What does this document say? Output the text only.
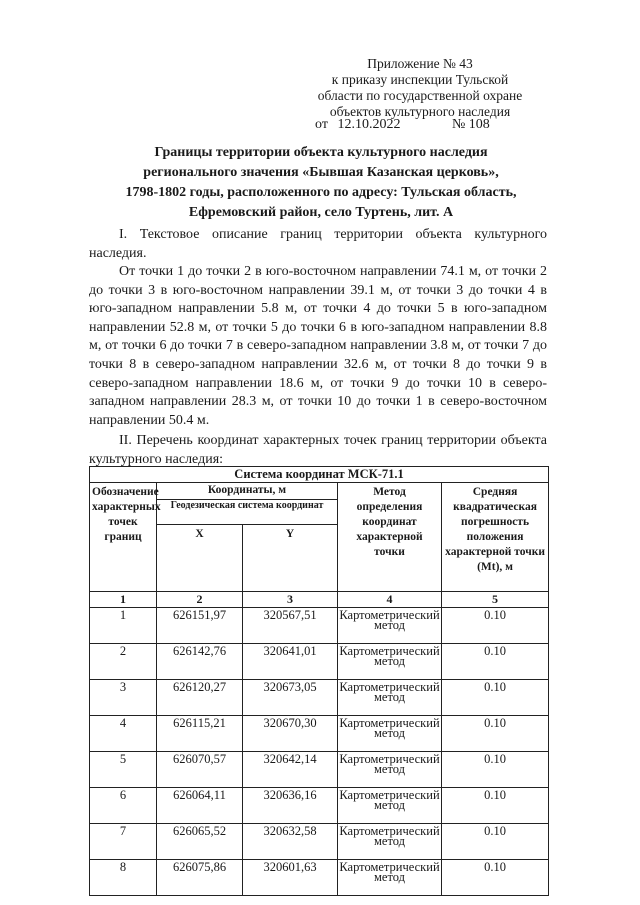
Приложение № 43
к приказу инспекции Тульской
области по государственной охране
объектов культурного наследия
от 12.10.2022	№ 108
Границы территории объекта культурного наследия
регионального значения «Бывшая Казанская церковь»,
1798-1802 годы, расположенного по адресу: Тульская область,
Ефремовский район, село Туртень, лит. А
I. Текстовое описание границ территории объекта культурного наследия.
От точки 1 до точки 2 в юго-восточном направлении 74.1 м, от точки 2 до точки 3 в юго-восточном направлении 39.1 м, от точки 3 до точки 4 в юго-западном направлении 5.8 м, от точки 4 до точки 5 в юго-западном направлении 52.8 м, от точки 5 до точки 6 в юго-западном направлении 8.8 м, от точки 6 до точки 7 в северо-западном направлении 3.8 м, от точки 7 до точки 8 в северо-западном направлении 32.6 м, от точки 8 до точки 9 в северо-западном направлении 18.6 м, от точки 9 до точки 10 в северо-западном направлении 28.3 м, от точки 10 до точки 1 в северо-восточном направлении 50.4 м.
II. Перечень координат характерных точек границ территории объекта культурного наследия:
Система координат МСК-71.1				
Обозначение характерных точек границ	Координаты, м		Метод определения координат характерной точки	Средняя квадратическая погрешность положения характерной точки (Mt), м
	Геодезическая система координат			
	X	Y		
1	2	3	4	5
1	626151,97	320567,51	Картометрический метод	0.10
2	626142,76	320641,01	Картометрический метод	0.10
3	626120,27	320673,05	Картометрический метод	0.10
4	626115,21	320670,30	Картометрический метод	0.10
5	626070,57	320642,14	Картометрический метод	0.10
6	626064,11	320636,16	Картометрический метод	0.10
7	626065,52	320632,58	Картометрический метод	0.10
8	626075,86	320601,63	Картометрический метод	0.10
